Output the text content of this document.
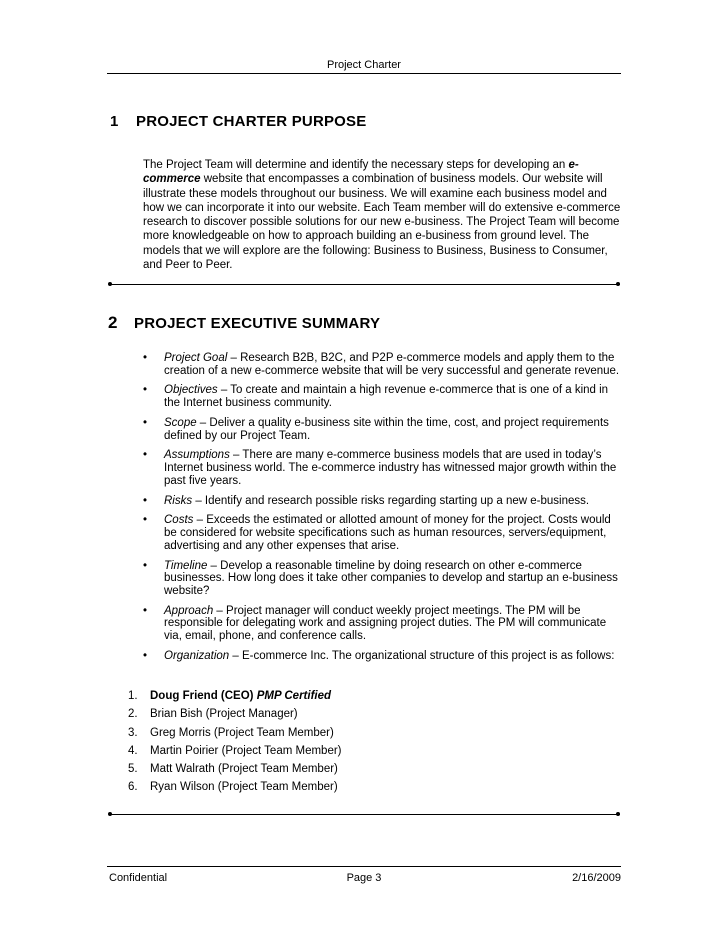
Project Charter
1 PROJECT CHARTER PURPOSE
The Project Team will determine and identify the necessary steps for developing an e-commerce website that encompasses a combination of business models. Our website will illustrate these models throughout our business. We will examine each business model and how we can incorporate it into our website. Each Team member will do extensive e-commerce research to discover possible solutions for our new e-business. The Project Team will become more knowledgeable on how to approach building an e-business from ground level. The models that we will explore are the following: Business to Business, Business to Consumer, and Peer to Peer.
2 PROJECT EXECUTIVE SUMMARY
• Project Goal – Research B2B, B2C, and P2P e-commerce models and apply them to the creation of a new e-commerce website that will be very successful and generate revenue.
• Objectives – To create and maintain a high revenue e-commerce that is one of a kind in the Internet business community.
• Scope – Deliver a quality e-business site within the time, cost, and project requirements defined by our Project Team.
• Assumptions – There are many e-commerce business models that are used in today’s Internet business world. The e-commerce industry has witnessed major growth within the past five years.
• Risks – Identify and research possible risks regarding starting up a new e-business.
• Costs – Exceeds the estimated or allotted amount of money for the project. Costs would be considered for website specifications such as human resources, servers/equipment, advertising and any other expenses that arise.
• Timeline – Develop a reasonable timeline by doing research on other e-commerce businesses. How long does it take other companies to develop and startup an e-business website?
• Approach – Project manager will conduct weekly project meetings. The PM will be responsible for delegating work and assigning project duties. The PM will communicate via, email, phone, and conference calls.
• Organization – E-commerce Inc. The organizational structure of this project is as follows:
1. Doug Friend (CEO) PMP Certified
2. Brian Bish (Project Manager)
3. Greg Morris (Project Team Member)
4. Martin Poirier (Project Team Member)
5. Matt Walrath (Project Team Member)
6. Ryan Wilson (Project Team Member)
Confidential	Page 3	2/16/2009
